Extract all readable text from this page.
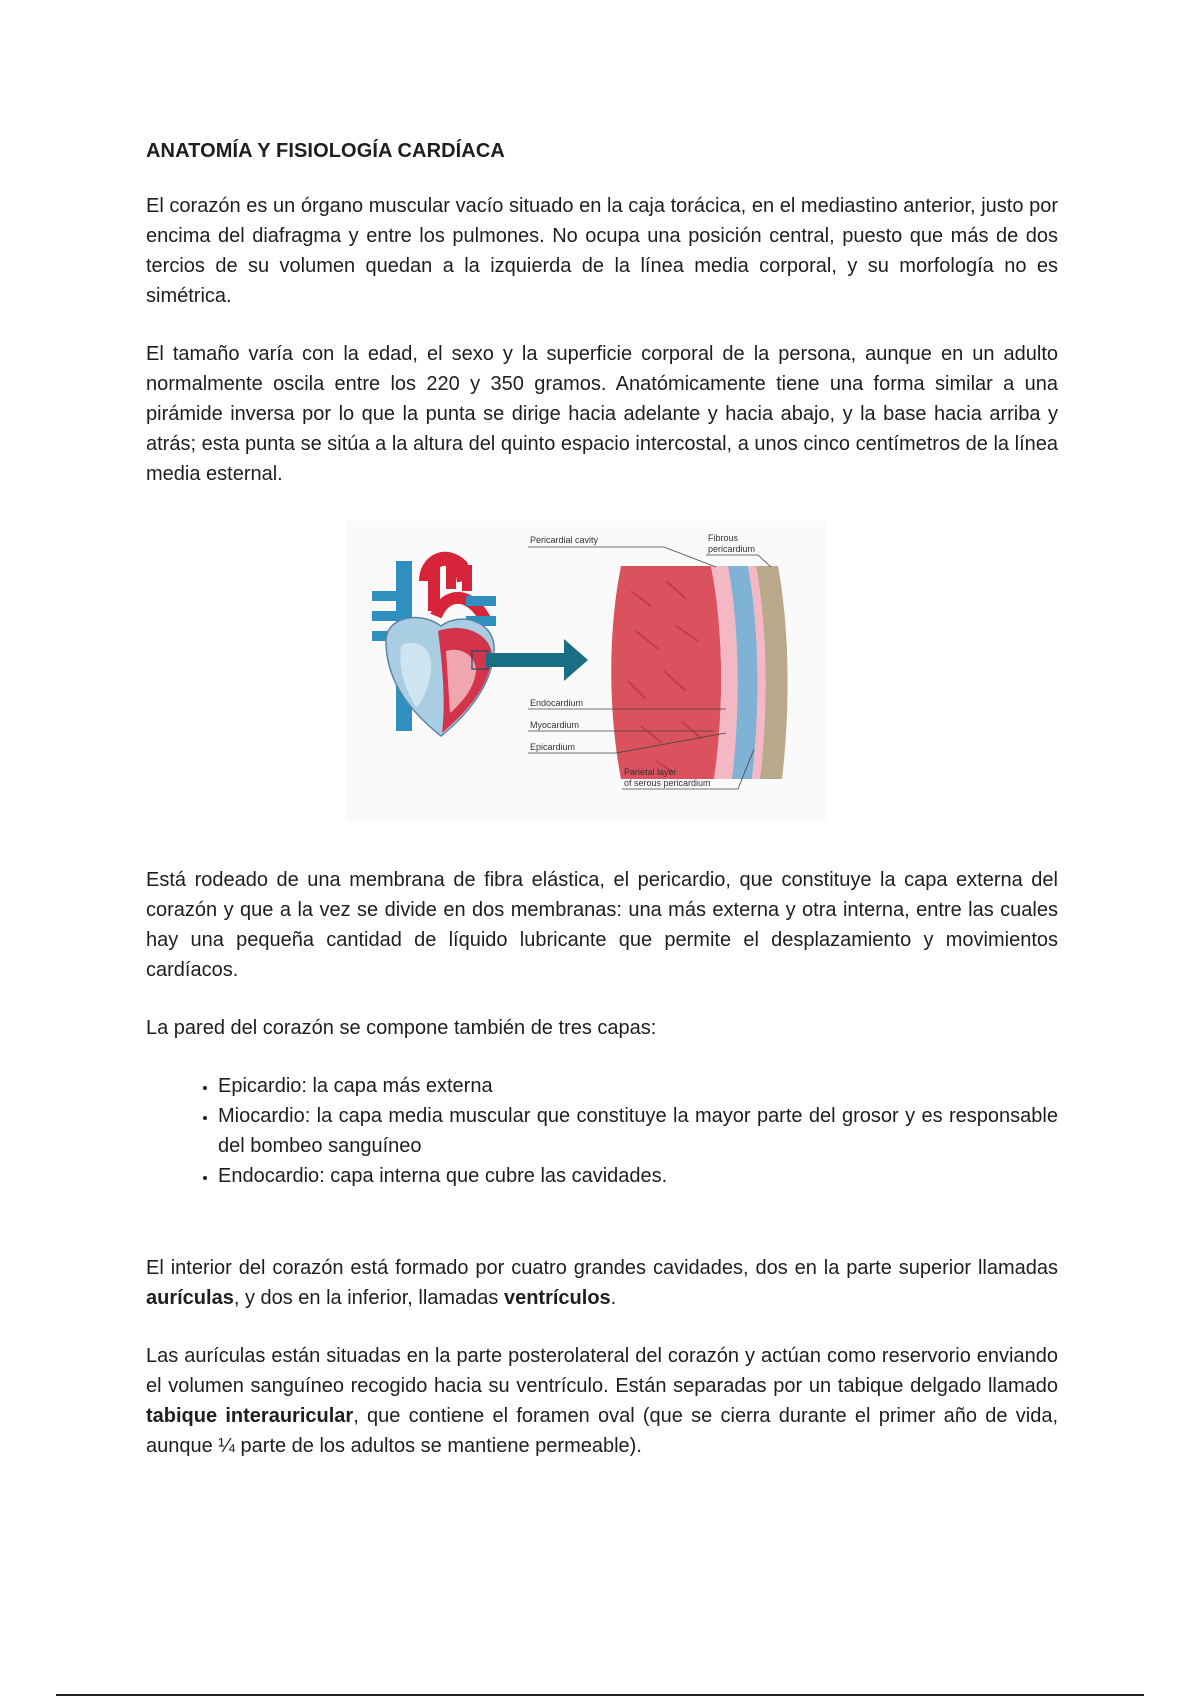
ANATOMÍA Y FISIOLOGÍA CARDÍACA

El corazón es un órgano muscular vacío situado en la caja torácica, en el mediastino anterior, justo por encima del diafragma y entre los pulmones. No ocupa una posición central, puesto que más de dos tercios de su volumen quedan a la izquierda de la línea media corporal, y su morfología no es simétrica.

El tamaño varía con la edad, el sexo y la superficie corporal de la persona, aunque en un adulto normalmente oscila entre los 220 y 350 gramos. Anatómicamente tiene una forma similar a una pirámide inversa por lo que la punta se dirige hacia adelante y hacia abajo, y la base hacia arriba y atrás; esta punta se sitúa a la altura del quinto espacio intercostal, a unos cinco centímetros de la línea media esternal.

Pericardial cavity	Fibrous
pericardium
Endocardium
Myocardium
Epicardium
Parietal layer
of serous pericardium

Está rodeado de una membrana de fibra elástica, el pericardio, que constituye la capa externa del corazón y que a la vez se divide en dos membranas: una más externa y otra interna, entre las cuales hay una pequeña cantidad de líquido lubricante que permite el desplazamiento y movimientos cardíacos.

La pared del corazón se compone también de tres capas:

• Epicardio: la capa más externa
• Miocardio: la capa media muscular que constituye la mayor parte del grosor y es responsable del bombeo sanguíneo
• Endocardio: capa interna que cubre las cavidades.

El interior del corazón está formado por cuatro grandes cavidades, dos en la parte superior llamadas aurículas, y dos en la inferior, llamadas ventrículos.

Las aurículas están situadas en la parte posterolateral del corazón y actúan como reservorio enviando el volumen sanguíneo recogido hacia su ventrículo. Están separadas por un tabique delgado llamado tabique interauricular, que contiene el foramen oval (que se cierra durante el primer año de vida, aunque ¼ parte de los adultos se mantiene permeable).
